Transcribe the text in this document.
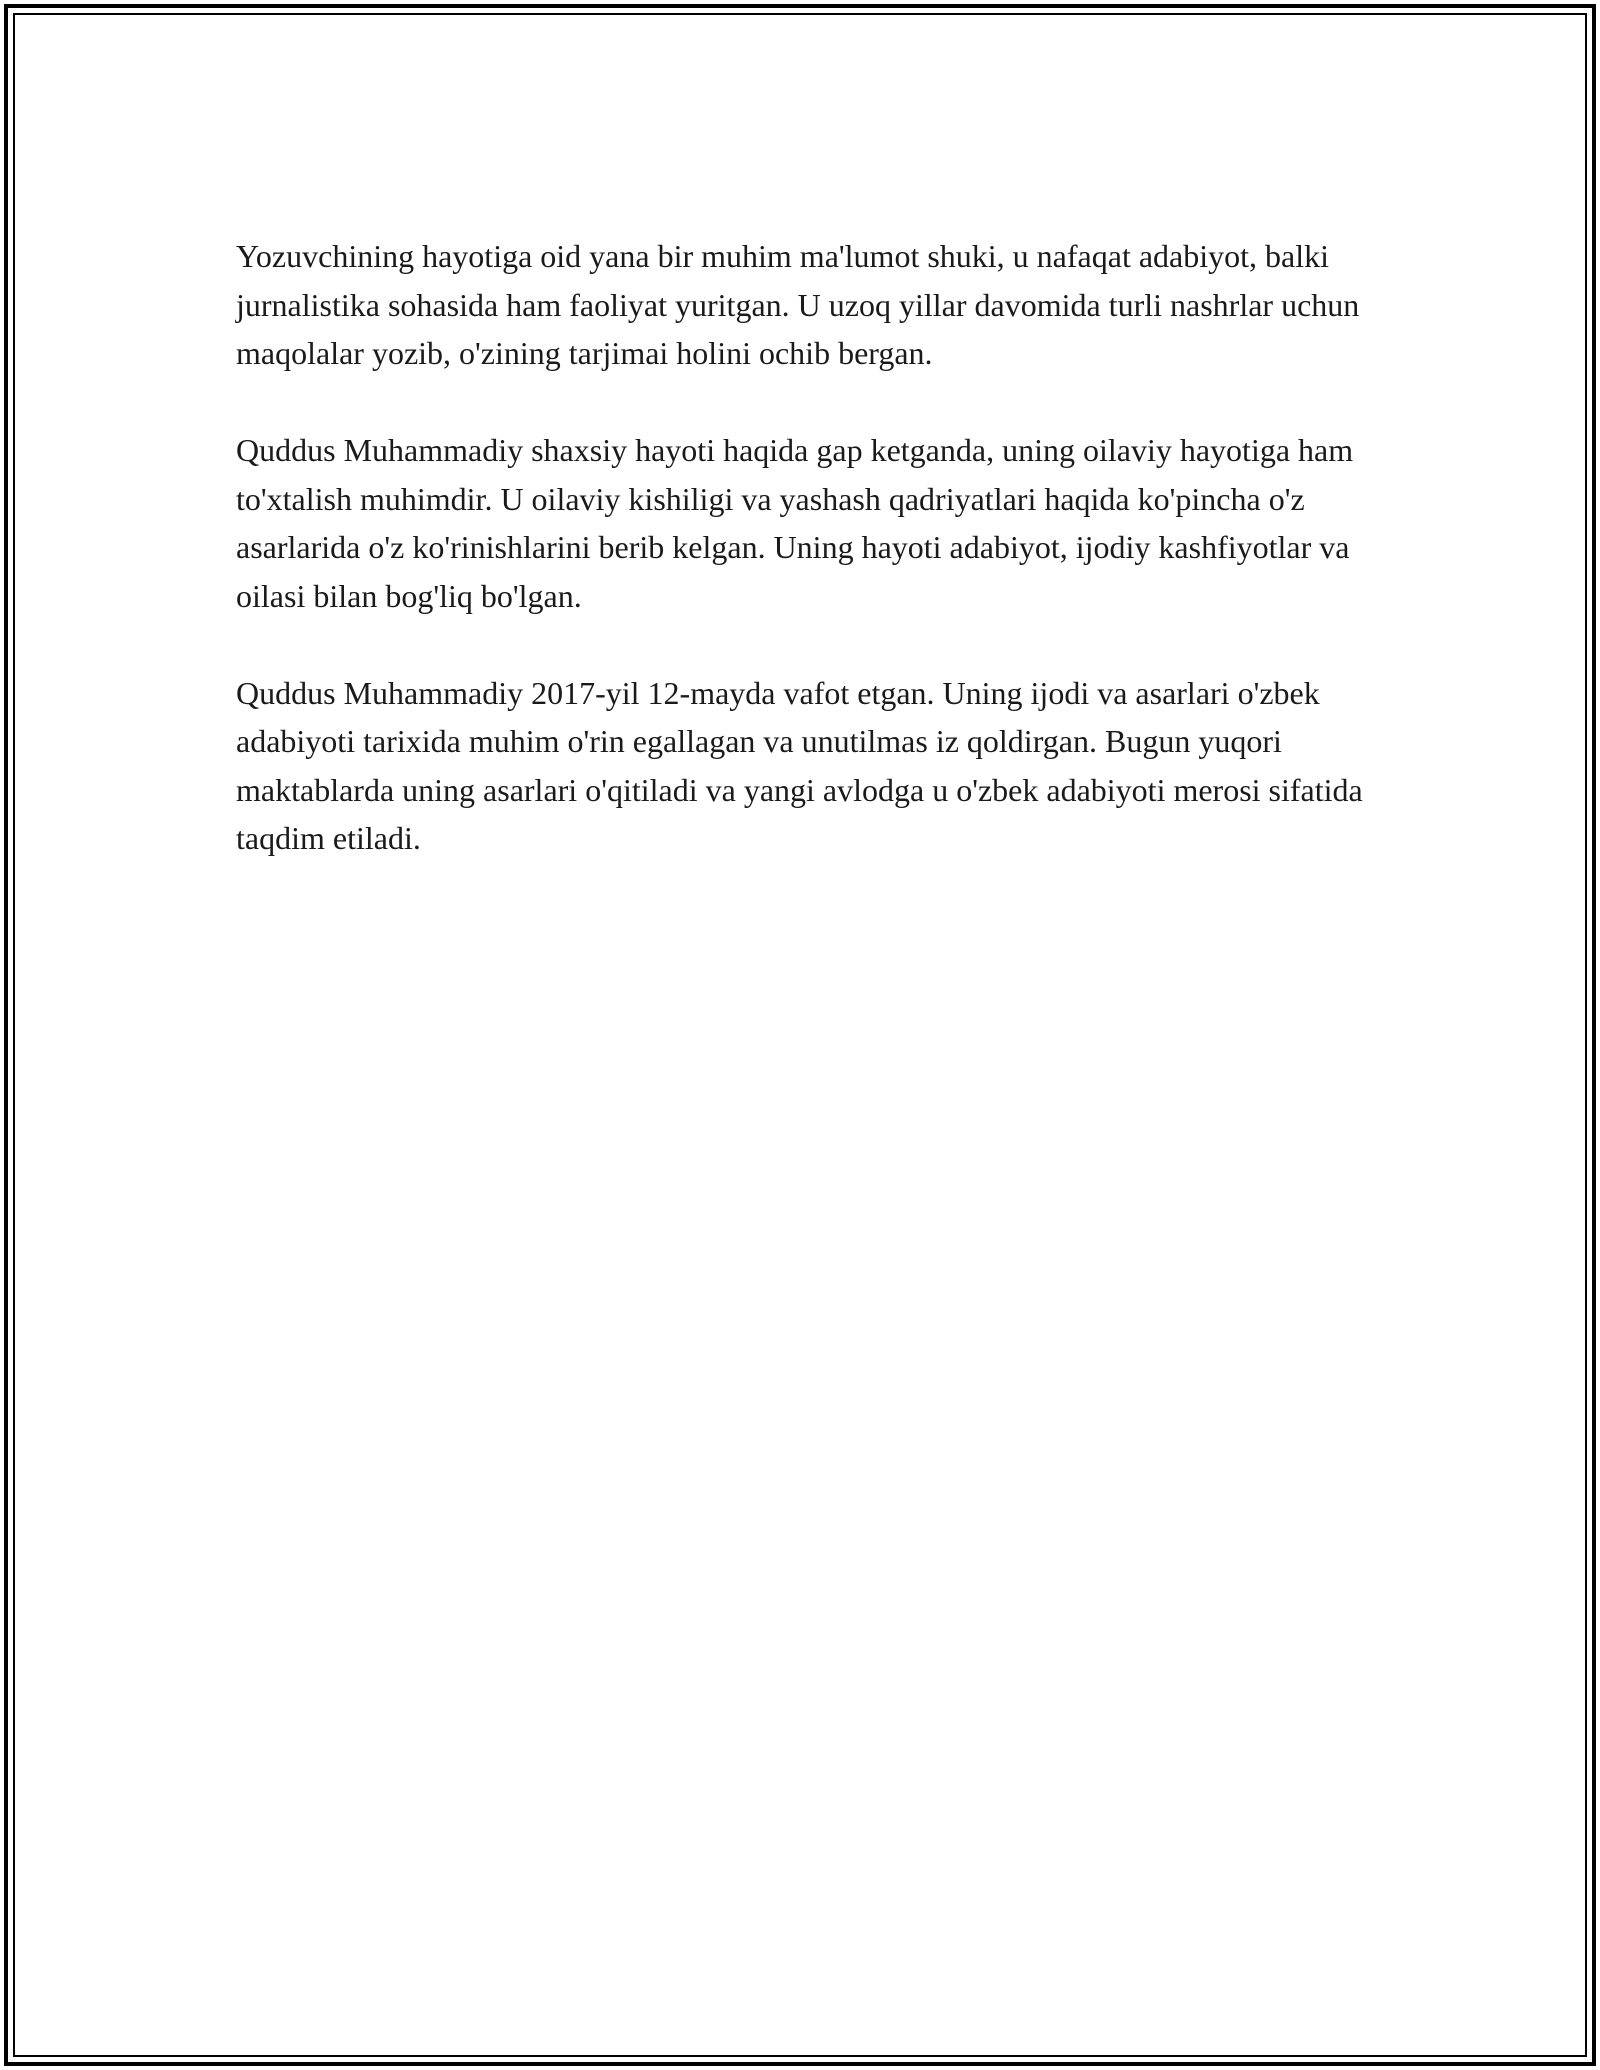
Yozuvchining hayotiga oid yana bir muhim ma'lumot shuki, u nafaqat adabiyot, balki jurnalistika sohasida ham faoliyat yuritgan. U uzoq yillar davomida turli nashrlar uchun maqolalar yozib, o'zining tarjimai holini ochib bergan.

Quddus Muhammadiy shaxsiy hayoti haqida gap ketganda, uning oilaviy hayotiga ham to'xtalish muhimdir. U oilaviy kishiligi va yashash qadriyatlari haqida ko'pincha o'z asarlarida o'z ko'rinishlarini berib kelgan. Uning hayoti adabiyot, ijodiy kashfiyotlar va oilasi bilan bog'liq bo'lgan.

Quddus Muhammadiy 2017-yil 12-mayda vafot etgan. Uning ijodi va asarlari o'zbek adabiyoti tarixida muhim o'rin egallagan va unutilmas iz qoldirgan. Bugun yuqori maktablarda uning asarlari o'qitiladi va yangi avlodga u o'zbek adabiyoti merosi sifatida taqdim etiladi.
